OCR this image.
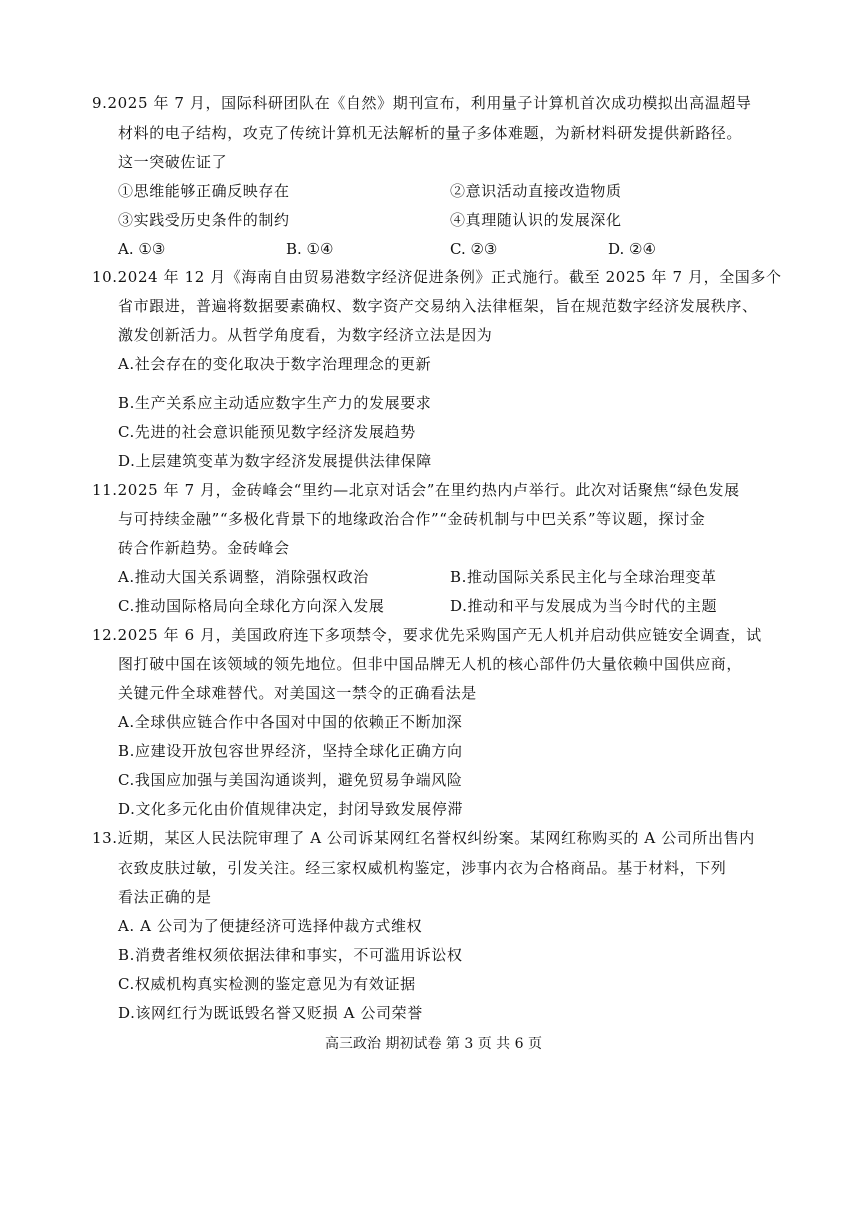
9.2025 年 7 月，国际科研团队在《自然》期刊宣布，利用量子计算机首次成功模拟出高温超导
材料的电子结构，攻克了传统计算机无法解析的量子多体难题，为新材料研发提供新路径。
这一突破佐证了
①思维能够正确反映存在	②意识活动直接改造物质
③实践受历史条件的制约	④真理随认识的发展深化
A. ①③	B. ①④	C. ②③	D. ②④
10.2024 年 12 月《海南自由贸易港数字经济促进条例》正式施行。截至 2025 年 7 月，全国多个
省市跟进，普遍将数据要素确权、数字资产交易纳入法律框架，旨在规范数字经济发展秩序、
激发创新活力。从哲学角度看，为数字经济立法是因为
A.社会存在的变化取决于数字治理理念的更新
B.生产关系应主动适应数字生产力的发展要求
C.先进的社会意识能预见数字经济发展趋势
D.上层建筑变革为数字经济发展提供法律保障
11.2025 年 7 月，金砖峰会“里约—北京对话会”在里约热内卢举行。此次对话聚焦“绿色发展
与可持续金融”“多极化背景下的地缘政治合作”“金砖机制与中巴关系”等议题，探讨金
砖合作新趋势。金砖峰会
A.推动大国关系调整，消除强权政治	B.推动国际关系民主化与全球治理变革
C.推动国际格局向全球化方向深入发展	D.推动和平与发展成为当今时代的主题
12.2025 年 6 月，美国政府连下多项禁令，要求优先采购国产无人机并启动供应链安全调查，试
图打破中国在该领域的领先地位。但非中国品牌无人机的核心部件仍大量依赖中国供应商，
关键元件全球难替代。对美国这一禁令的正确看法是
A.全球供应链合作中各国对中国的依赖正不断加深
B.应建设开放包容世界经济，坚持全球化正确方向
C.我国应加强与美国沟通谈判，避免贸易争端风险
D.文化多元化由价值规律决定，封闭导致发展停滞
13.近期，某区人民法院审理了 A 公司诉某网红名誉权纠纷案。某网红称购买的 A 公司所出售内
衣致皮肤过敏，引发关注。经三家权威机构鉴定，涉事内衣为合格商品。基于材料，下列
看法正确的是
A. A 公司为了便捷经济可选择仲裁方式维权
B.消费者维权须依据法律和事实，不可滥用诉讼权
C.权威机构真实检测的鉴定意见为有效证据
D.该网红行为既诋毁名誉又贬损 A 公司荣誉
高三政治 期初试卷 第 3 页 共 6 页
